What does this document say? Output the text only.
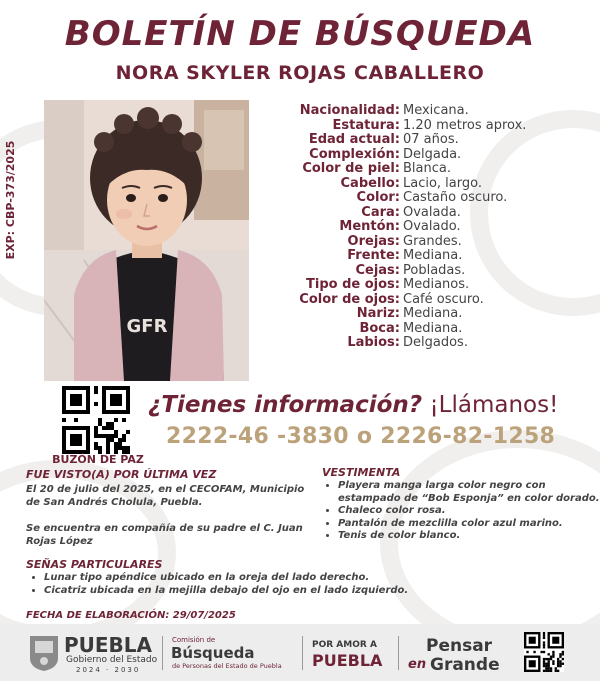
BOLETÍN DE BÚSQUEDA
NORA SKYLER ROJAS CABALLERO
EXP: CBP-373/2025
GFR
Nacionalidad: Mexicana.
Estatura: 1.20 metros aprox.
Edad actual: 07 años.
Complexión: Delgada.
Color de piel: Blanca.
Cabello: Lacio, largo.
Color: Castaño oscuro.
Cara: Ovalada.
Mentón: Ovalado.
Orejas: Grandes.
Frente: Mediana.
Cejas: Pobladas.
Tipo de ojos: Medianos.
Color de ojos: Café oscuro.
Nariz: Mediana.
Boca: Mediana.
Labios: Delgados.
BUZÓN DE PAZ
¿Tienes información? ¡Llámanos!
2222-46 -3830 o 2226-82-1258
FUE VISTO(A) POR ÚLTIMA VEZ
El 20 de julio del 2025, en el CECOFAM, Municipio de San Andrés Cholula, Puebla.
Se encuentra en compañía de su padre el C. Juan Rojas López
VESTIMENTA
• Playera manga larga color negro con estampado de “Bob Esponja” en color dorado.
• Chaleco color rosa.
• Pantalón de mezclilla color azul marino.
• Tenis de color blanco.
SEÑAS PARTICULARES
• Lunar tipo apéndice ubicado en la oreja del lado derecho.
• Cicatriz ubicada en la mejilla debajo del ojo en el lado izquierdo.
FECHA DE ELABORACIÓN: 29/07/2025
PUEBLA
Gobierno del Estado
2024 · 2030
Comisión de
Búsqueda
de Personas del Estado de Puebla
POR AMOR A
PUEBLA
Pensar
en Grande
